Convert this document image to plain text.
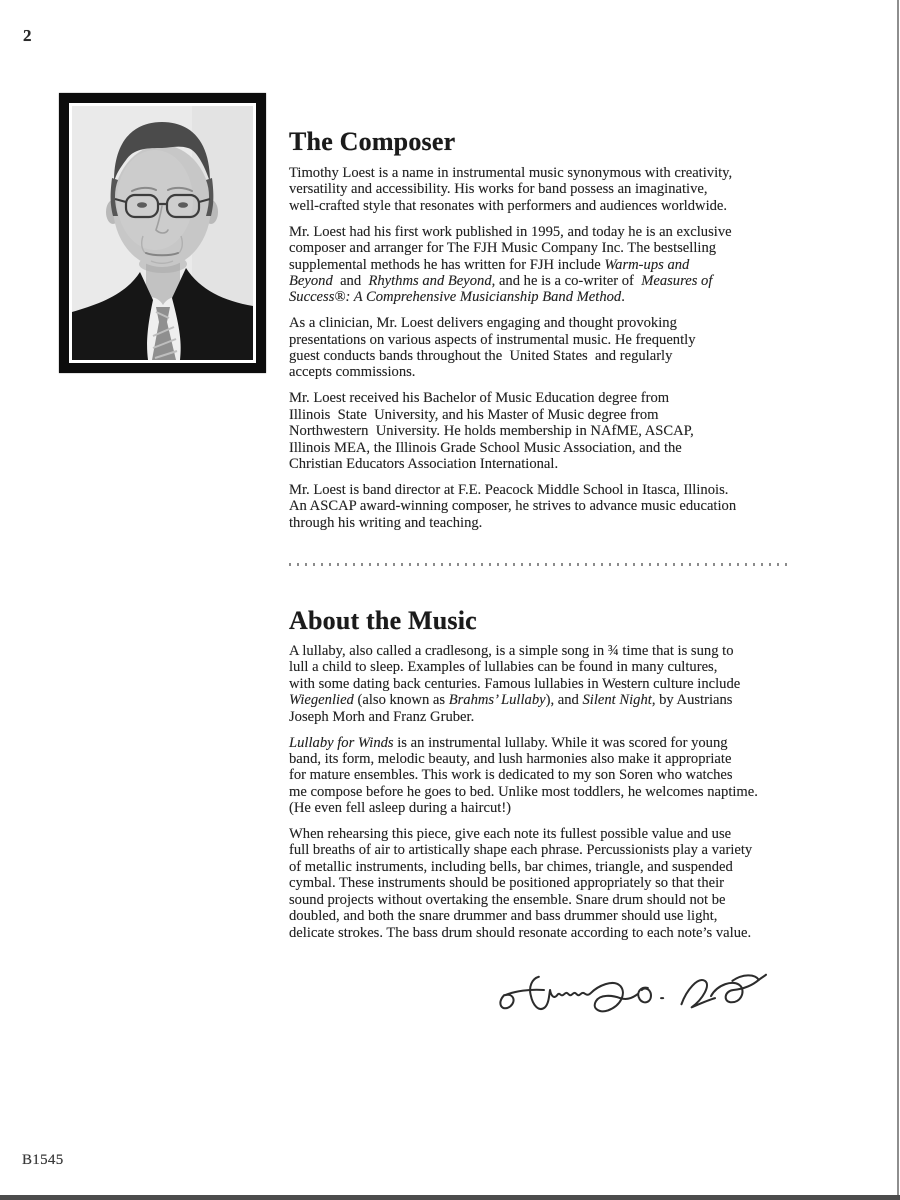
2
The Composer
Timothy Loest is a name in instrumental music synonymous with creativity,
versatility and accessibility. His works for band possess an imaginative,
well-crafted style that resonates with performers and audiences worldwide.
Mr. Loest had his first work published in 1995, and today he is an exclusive
composer and arranger for The FJH Music Company Inc. The bestselling
supplemental methods he has written for FJH include Warm-ups and
Beyond  and  Rhythms and Beyond, and he is a co-writer of  Measures of
Success®: A Comprehensive Musicianship Band Method.
As a clinician, Mr. Loest delivers engaging and thought provoking
presentations on various aspects of instrumental music. He frequently
guest conducts bands throughout the  United States  and regularly
accepts commissions.
Mr. Loest received his Bachelor of Music Education degree from
Illinois  State  University, and his Master of Music degree from
Northwestern  University. He holds membership in NAfME, ASCAP,
Illinois MEA, the Illinois Grade School Music Association, and the
Christian Educators Association International.
Mr. Loest is band director at F.E. Peacock Middle School in Itasca, Illinois.
An ASCAP award-winning composer, he strives to advance music education
through his writing and teaching.
About the Music
A lullaby, also called a cradlesong, is a simple song in ¾ time that is sung to
lull a child to sleep. Examples of lullabies can be found in many cultures,
with some dating back centuries. Famous lullabies in Western culture include
Wiegenlied (also known as Brahms’ Lullaby), and Silent Night, by Austrians
Joseph Morh and Franz Gruber.
Lullaby for Winds is an instrumental lullaby. While it was scored for young
band, its form, melodic beauty, and lush harmonies also make it appropriate
for mature ensembles. This work is dedicated to my son Soren who watches
me compose before he goes to bed. Unlike most toddlers, he welcomes naptime.
(He even fell asleep during a haircut!)
When rehearsing this piece, give each note its fullest possible value and use
full breaths of air to artistically shape each phrase. Percussionists play a variety
of metallic instruments, including bells, bar chimes, triangle, and suspended
cymbal. These instruments should be positioned appropriately so that their
sound projects without overtaking the ensemble. Snare drum should not be
doubled, and both the snare drummer and bass drummer should use light,
delicate strokes. The bass drum should resonate according to each note’s value.
B1545
